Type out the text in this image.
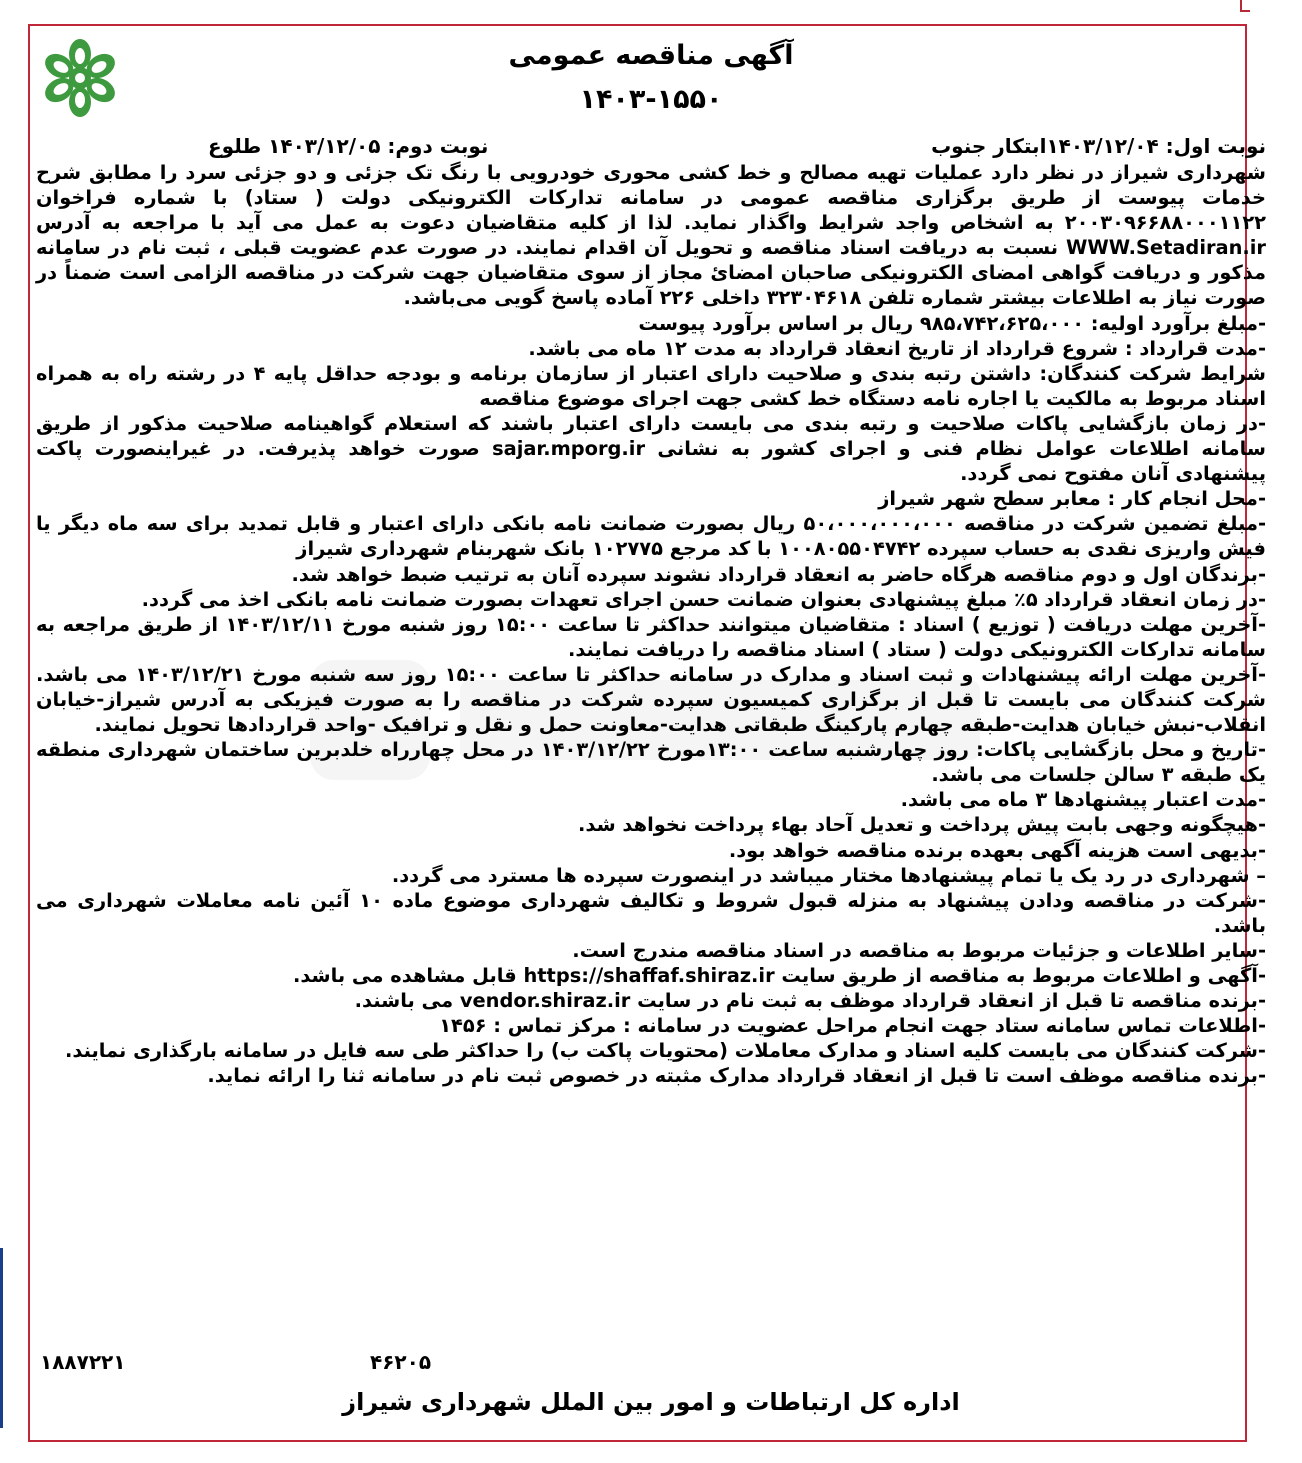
آگهی مناقصه عمومی
۱۴۰۳-۱۵۵۰
نوبت اول: ۱۴۰۳/۱۲/۰۴ابتکار جنوب
نوبت دوم: ۱۴۰۳/۱۲/۰۵ طلوع

شهرداری شیراز در نظر دارد عملیات تهیه مصالح و خط کشی محوری خودرویی با رنگ تک جزئی و دو جزئی سرد را مطابق شرح خدمات پیوست از طریق برگزاری مناقصه عمومی در سامانه تدارکات الکترونیکی دولت ( ستاد) با شماره فراخوان ۲۰۰۳۰۹۶۶۸۸۰۰۰۱۱۲۲ به اشخاص واجد شرایط واگذار نماید. لذا از کلیه متقاضیان دعوت به عمل می آید با مراجعه به آدرس WWW.Setadiran.ir نسبت به دریافت اسناد مناقصه و تحویل آن اقدام نمایند. در صورت عدم عضویت قبلی ، ثبت نام در سامانه مذکور و دریافت گواهی امضای الکترونیکی صاحبان امضائ مجاز از سوی متقاضیان جهت شرکت در مناقصه الزامی است ضمناً در صورت نیاز به اطلاعات بیشتر شماره تلفن ۳۲۳۰۴۶۱۸ داخلی ۲۲۶ آماده پاسخ گویی می‌باشد.

-مبلغ برآورد اولیه: ۹۸۵،۷۴۲،۶۲۵،۰۰۰ ریال بر اساس برآورد پیوست

-مدت قرارداد : شروع قرارداد از تاریخ انعقاد قرارداد به مدت ۱۲ ماه می باشد.

شرایط شرکت کنندگان: داشتن رتبه بندی و صلاحیت دارای اعتبار از سازمان برنامه و بودجه حداقل پایه ۴ در رشته راه به همراه اسناد مربوط به مالکیت یا اجاره نامه دستگاه خط کشی جهت اجرای موضوع مناقصه

-در زمان بازگشایی پاکات صلاحیت و رتبه بندی می بایست دارای اعتبار باشند که استعلام گواهینامه صلاحیت مذکور از طریق سامانه اطلاعات عوامل نظام فنی و اجرای کشور به نشانی sajar.mporg.ir صورت خواهد پذیرفت. در غیراینصورت پاکت پیشنهادی آنان مفتوح نمی گردد.

-محل انجام کار : معابر سطح شهر شیراز

-مبلغ تضمین شرکت در مناقصه ۵۰،۰۰۰،۰۰۰،۰۰۰ ریال بصورت ضمانت نامه بانکی دارای اعتبار و قابل تمدید برای سه ماه دیگر یا فیش واریزی نقدی به حساب سپرده ۱۰۰۸۰۵۵۰۴۷۴۲ با کد مرجع ۱۰۲۷۷۵ بانک شهربنام شهرداری شیراز

-برندگان اول و دوم مناقصه هرگاه حاضر به انعقاد قرارداد نشوند سپرده آنان به ترتیب ضبط خواهد شد.

-در زمان انعقاد قرارداد ۵٪ مبلغ پیشنهادی بعنوان ضمانت حسن اجرای تعهدات بصورت ضمانت نامه بانکی اخذ می گردد.

-آخرین مهلت دریافت ( توزیع ) اسناد : متقاضیان میتوانند حداکثر تا ساعت ۱۵:۰۰ روز شنبه مورخ ۱۴۰۳/۱۲/۱۱ از طریق مراجعه به سامانه تدارکات الکترونیکی دولت ( ستاد ) اسناد مناقصه را دریافت نمایند.

-آخرین مهلت ارائه پیشنهادات و ثبت اسناد و مدارک در سامانه حداکثر تا ساعت ۱۵:۰۰ روز سه شنبه مورخ ۱۴۰۳/۱۲/۲۱ می باشد. شرکت کنندگان می بایست تا قبل از برگزاری کمیسیون سپرده شرکت در مناقصه را به صورت فیزیکی به آدرس شیراز-خیابان انقلاب-نبش خیابان هدایت-طبقه چهارم پارکینگ طبقاتی هدایت-معاونت حمل و نقل و ترافیک -واحد قراردادها تحویل نمایند.

-تاریخ و محل بازگشایی پاکات: روز چهارشنبه ساعت ۱۳:۰۰مورخ ۱۴۰۳/۱۲/۲۲ در محل چهارراه خلدبرین ساختمان شهرداری منطقه یک طبقه ۳ سالن جلسات می باشد.

-مدت اعتبار پیشنهادها ۳ ماه می باشد.

-هیچگونه وجهی بابت پیش پرداخت و تعدیل آحاد بهاء پرداخت نخواهد شد.

-بدیهی است هزینه آگهی بعهده برنده مناقصه خواهد بود.

– شهرداری در رد یک یا تمام پیشنهادها مختار میباشد در اینصورت سپرده ها مسترد می گردد.

-شرکت در مناقصه ودادن پیشنهاد به منزله قبول شروط و تکالیف شهرداری موضوع ماده ۱۰ آئین نامه معاملات شهرداری می باشد.

-سایر اطلاعات و جزئیات مربوط به مناقصه در اسناد مناقصه مندرج است.

-آگهی و اطلاعات مربوط به مناقصه از طریق سایت https://shaffaf.shiraz.ir قابل مشاهده می باشد.

-برنده مناقصه تا قبل از انعقاد قرارداد موظف به ثبت نام در سایت vendor.shiraz.ir می باشند.

-اطلاعات تماس سامانه ستاد جهت انجام مراحل عضویت در سامانه : مرکز تماس : ۱۴۵۶

-شرکت کنندگان می بایست کلیه اسناد و مدارک معاملات (محتویات پاکت ب) را حداکثر طی سه فایل در سامانه بارگذاری نمایند.

-برنده مناقصه موظف است تا قبل از انعقاد قرارداد مدارک مثبته در خصوص ثبت نام در سامانه ثنا را ارائه نماید.

۱۸۸۷۲۲۱	۴۶۲۰۵
اداره کل ارتباطات و امور بین الملل شهرداری شیراز
